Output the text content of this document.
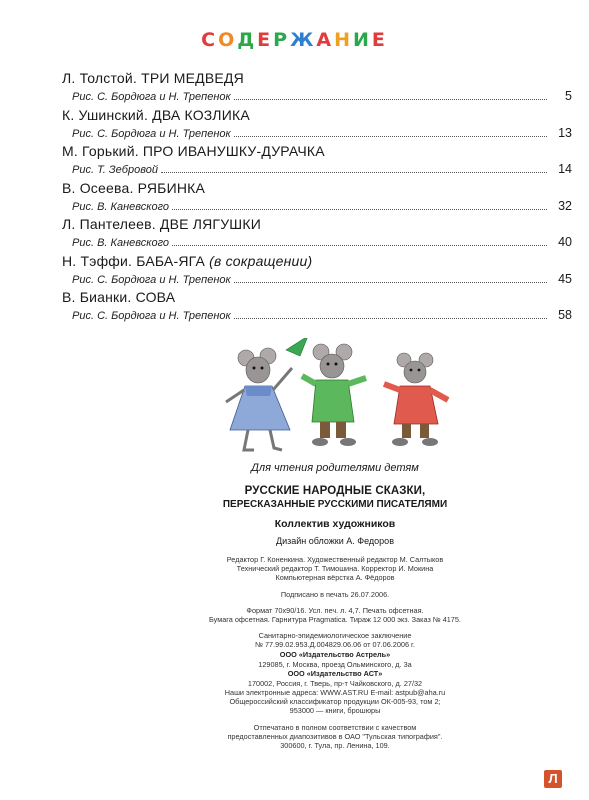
СОДЕРЖАНИЕ
Л. Толстой. ТРИ МЕДВЕДЯ
Рис. С. Бордюга и Н. Трепенок	5
К. Ушинский. ДВА КОЗЛИКА
Рис. С. Бордюга и Н. Трепенок	13
М. Горький. ПРО ИВАНУШКУ-ДУРАЧКА
Рис. Т. Зебровой	14
В. Осеева. РЯБИНКА
Рис. В. Каневского	32
Л. Пантелеев. ДВЕ ЛЯГУШКИ
Рис. В. Каневского	40
Н. Тэффи. БАБА-ЯГА (в сокращении)
Рис. С. Бордюга и Н. Трепенок	45
В. Бианки. СОВА
Рис. С. Бордюга и Н. Трепенок	58
Для чтения родителями детям
РУССКИЕ НАРОДНЫЕ СКАЗКИ,
ПЕРЕСКАЗАННЫЕ РУССКИМИ ПИСАТЕЛЯМИ
Коллектив художников
Дизайн обложки А. Федоров
Редактор Г. Коненкина. Художественный редактор М. Салтыков
Технический редактор Т. Тимошина. Корректор И. Мокина
Компьютерная вёрстка А. Фёдоров
Подписано в печать 26.07.2006.
Формат 70х90/16. Усл. печ. л. 4,7. Печать офсетная.
Бумага офсетная. Гарнитура Pragmatica. Тираж 12 000 экз. Заказ № 4175.
Санитарно-эпидемиологическое заключение
№ 77.99.02.953.Д.004829.06.06 от 07.06.2006 г.
ООО «Издательство Астрель»
129085, г. Москва, проезд Ольминского, д. 3а
ООО «Издательство АСТ»
170002, Россия, г. Тверь, пр-т Чайковского, д. 27/32
Наши электронные адреса: WWW.AST.RU E-mail: astpub@aha.ru
Общероссийский классификатор продукции ОК-005-93, том 2;
953000 — книги, брошюры
Отпечатано в полном соответствии с качеством
предоставленных диапозитивов в ОАО "Тульская типография".
300600, г. Тула, пр. Ленина, 109.
Л
